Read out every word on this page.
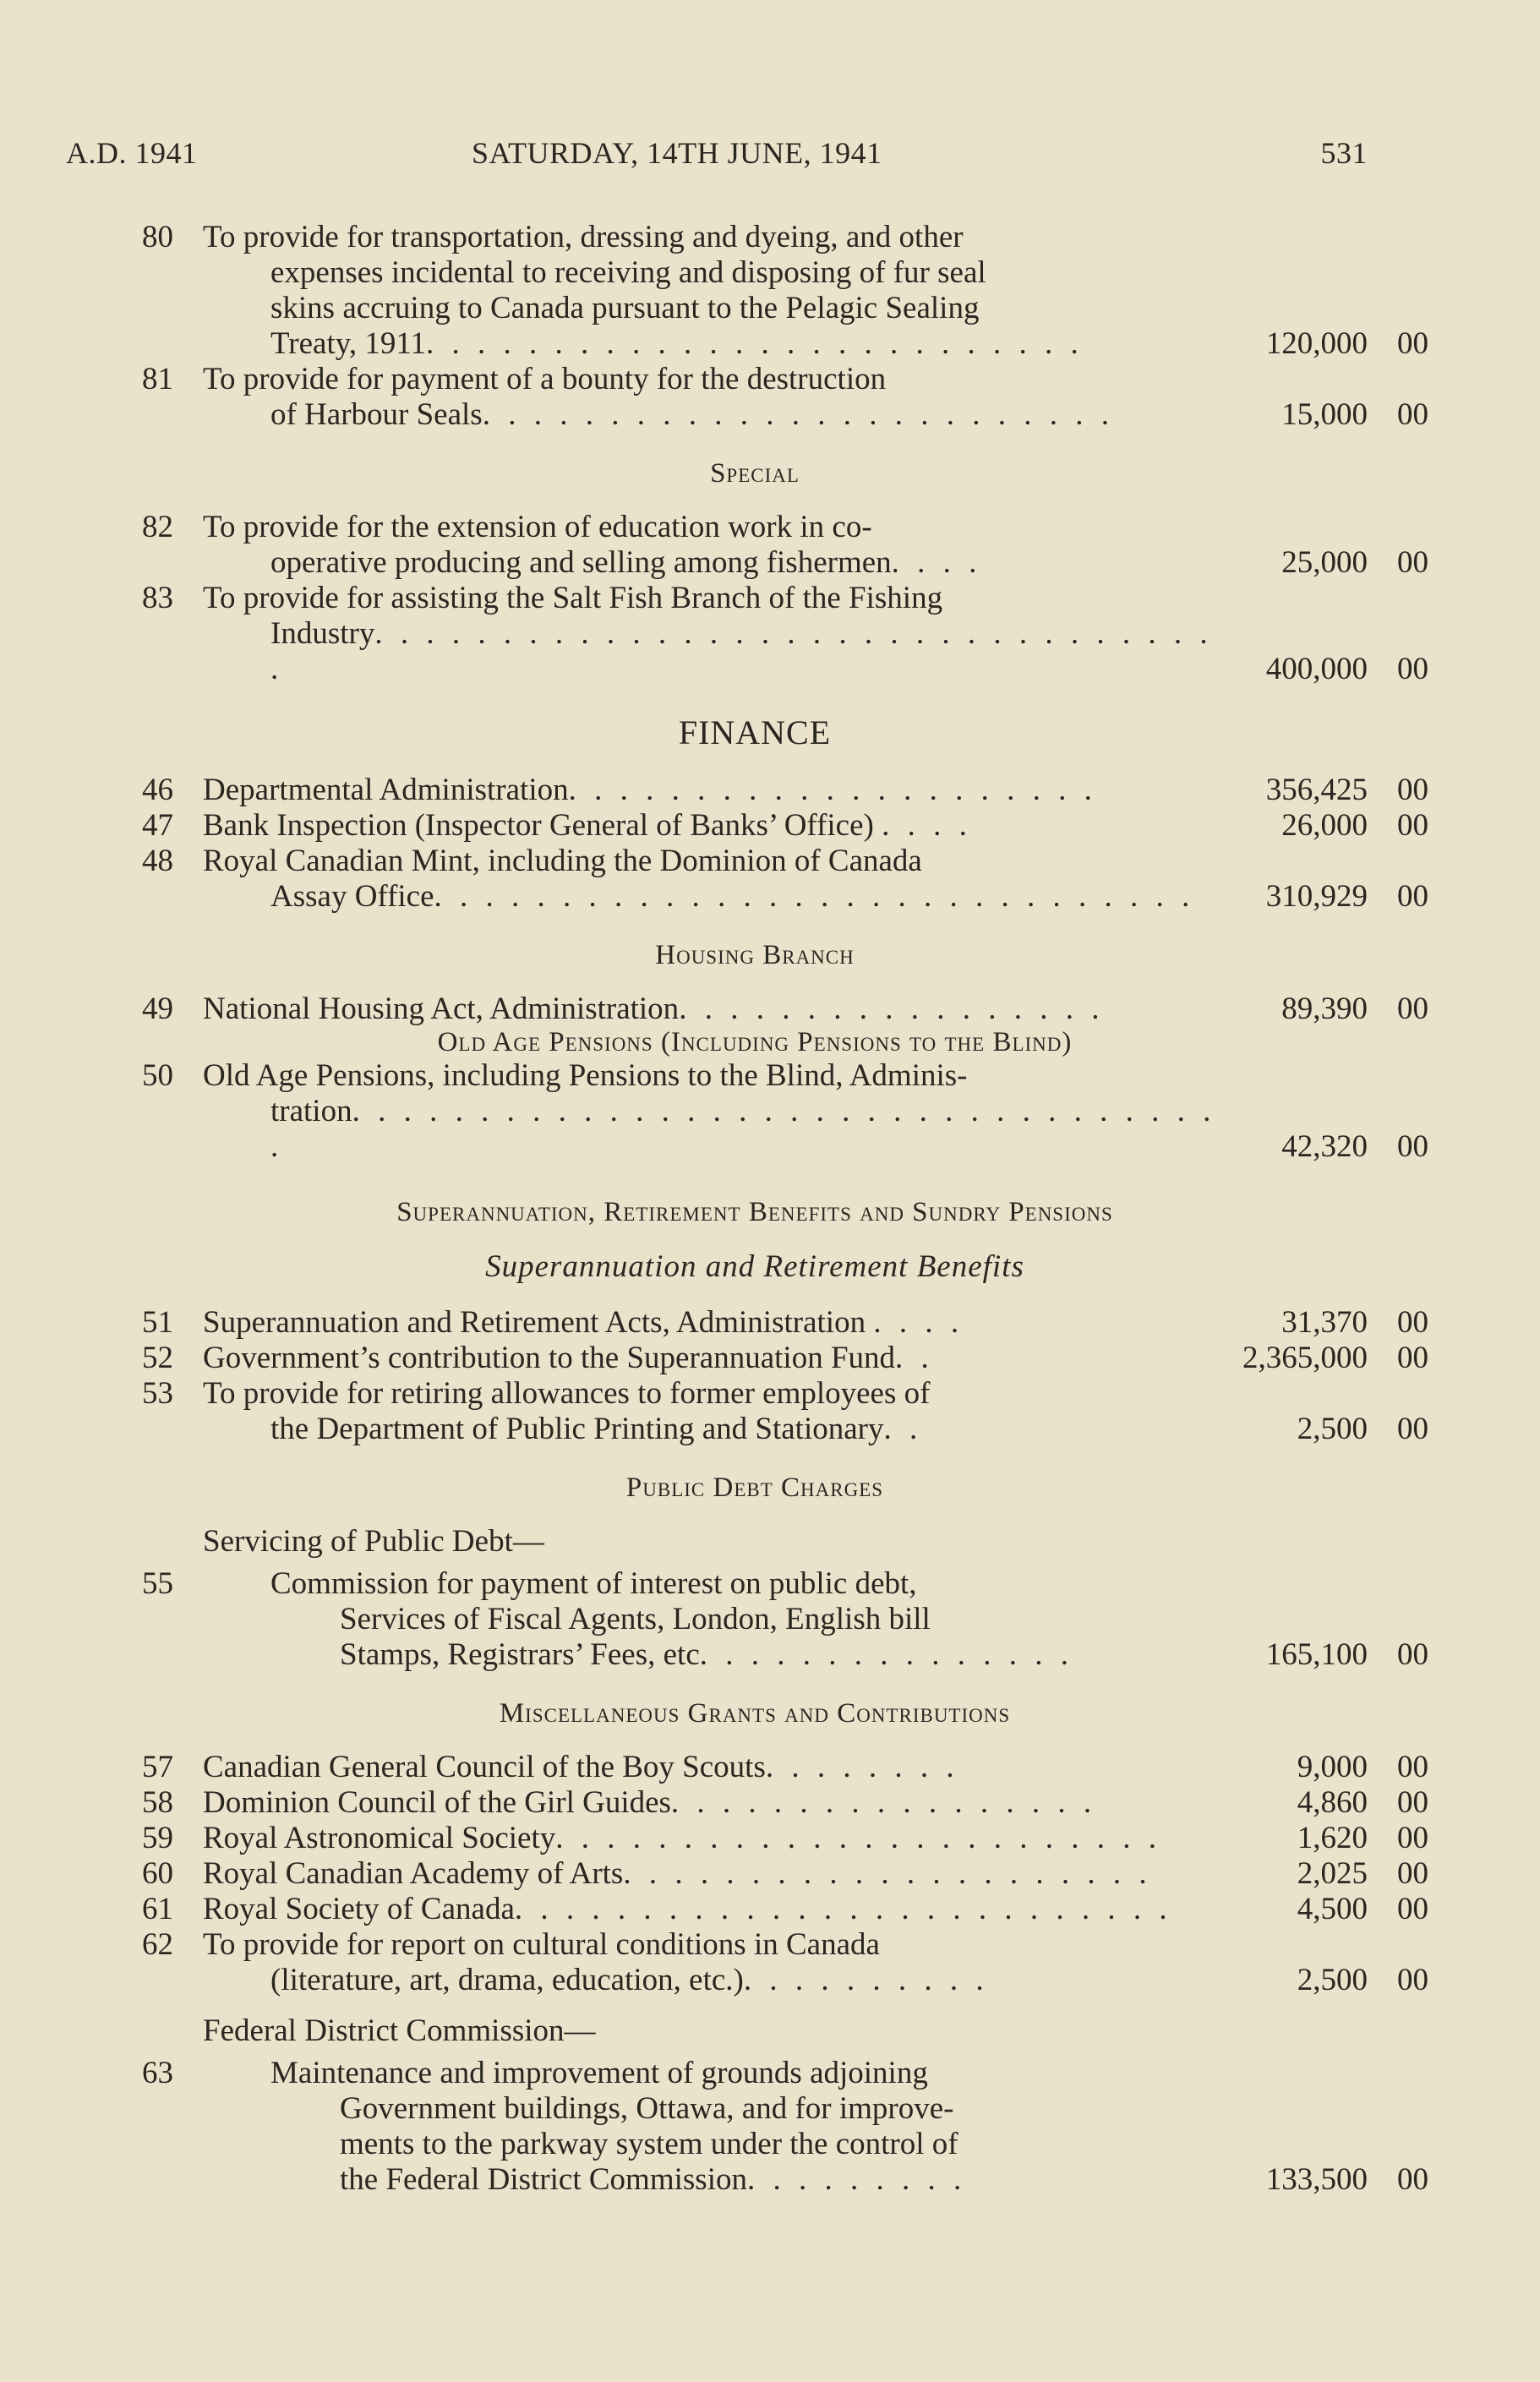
A.D. 1941	SATURDAY, 14TH JUNE, 1941	531
80 To provide for transportation, dressing and dyeing, and other
expenses incidental to receiving and disposing of fur seal
skins accruing to Canada pursuant to the Pelagic Sealing
Treaty, 1911. . . . . . . . . . . . . . . . . . . . . . . . . .	120,000 00
81 To provide for payment of a bounty for the destruction
of Harbour Seals. . . . . . . . . . . . . . . . . . . . . . . . .	15,000 00
Special
82 To provide for the extension of education work in co-
operative producing and selling among fishermen. . . .	25,000 00
83 To provide for assisting the Salt Fish Branch of the Fishing
Industry. . . . . . . . . . . . . . . . . . . . . . . . . . . . . . . . . .	400,000 00
FINANCE
46 Departmental Administration. . . . . . . . . . . . . . . . . . . . .	356,425 00
47 Bank Inspection (Inspector General of Banks’ Office) . . . .	26,000 00
48 Royal Canadian Mint, including the Dominion of Canada
Assay Office. . . . . . . . . . . . . . . . . . . . . . . . . . . . . .	310,929 00
Housing Branch
49 National Housing Act, Administration. . . . . . . . . . . . . . . . .	89,390 00
Old Age Pensions (Including Pensions to the Blind)
50 Old Age Pensions, including Pensions to the Blind, Adminis-
tration. . . . . . . . . . . . . . . . . . . . . . . . . . . . . . . . . . .	42,320 00
Superannuation, Retirement Benefits and Sundry Pensions
Superannuation and Retirement Benefits
51 Superannuation and Retirement Acts, Administration . . . .	31,370 00
52 Government’s contribution to the Superannuation Fund. .	2,365,000 00
53 To provide for retiring allowances to former employees of
the Department of Public Printing and Stationary. .	2,500 00
Public Debt Charges
Servicing of Public Debt—
55	Commission for payment of interest on public debt,
Services of Fiscal Agents, London, English bill
Stamps, Registrars’ Fees, etc. . . . . . . . . . . . . . .	165,100 00
Miscellaneous Grants and Contributions
57 Canadian General Council of the Boy Scouts. . . . . . . .	9,000 00
58 Dominion Council of the Girl Guides. . . . . . . . . . . . . . . . .	4,860 00
59 Royal Astronomical Society. . . . . . . . . . . . . . . . . . . . . . . .	1,620 00
60 Royal Canadian Academy of Arts. . . . . . . . . . . . . . . . . . . . .	2,025 00
61 Royal Society of Canada. . . . . . . . . . . . . . . . . . . . . . . . . .	4,500 00
62 To provide for report on cultural conditions in Canada
(literature, art, drama, education, etc.). . . . . . . . . .	2,500 00
Federal District Commission—
63	Maintenance and improvement of grounds adjoining
Government buildings, Ottawa, and for improve-
ments to the parkway system under the control of
the Federal District Commission. . . . . . . . .	133,500 00
